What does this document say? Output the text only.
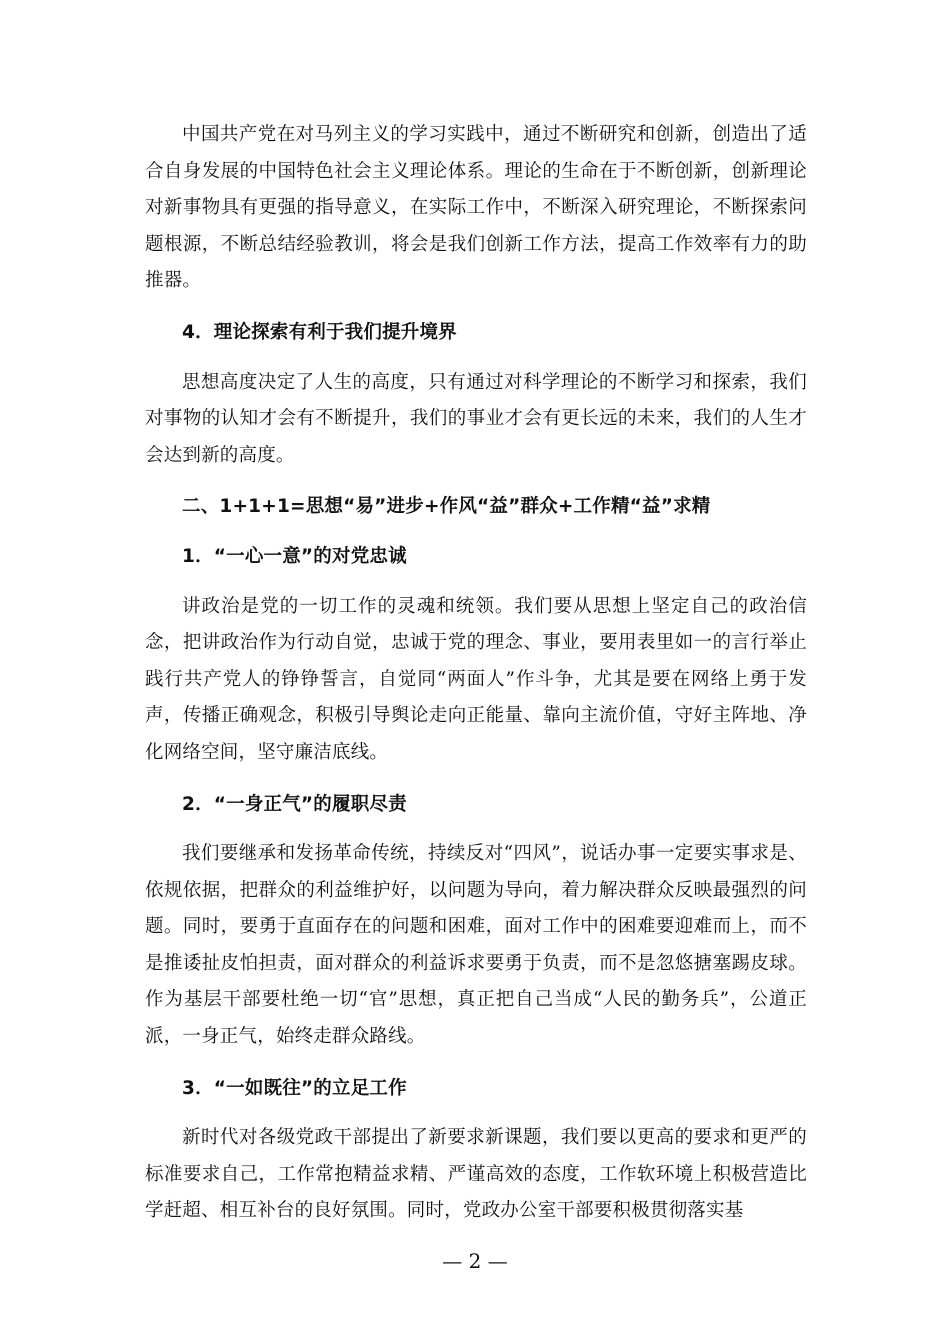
中国共产党在对马列主义的学习实践中，通过不断研究和创新，创造出了适合自身发展的中国特色社会主义理论体系。理论的生命在于不断创新，创新理论对新事物具有更强的指导意义，在实际工作中，不断深入研究理论，不断探索问题根源，不断总结经验教训，将会是我们创新工作方法，提高工作效率有力的助推器。

4．理论探索有利于我们提升境界

思想高度决定了人生的高度，只有通过对科学理论的不断学习和探索，我们对事物的认知才会有不断提升，我们的事业才会有更长远的未来，我们的人生才会达到新的高度。

二、1+1+1=思想“易”进步+作风“益”群众+工作精“益”求精

1．“一心一意”的对党忠诚

讲政治是党的一切工作的灵魂和统领。我们要从思想上坚定自己的政治信念，把讲政治作为行动自觉，忠诚于党的理念、事业，要用表里如一的言行举止践行共产党人的铮铮誓言，自觉同“两面人”作斗争，尤其是要在网络上勇于发声，传播正确观念，积极引导舆论走向正能量、靠向主流价值，守好主阵地、净化网络空间，坚守廉洁底线。

2．“一身正气”的履职尽责

我们要继承和发扬革命传统，持续反对“四风”，说话办事一定要实事求是、依规依据，把群众的利益维护好，以问题为导向，着力解决群众反映最强烈的问题。同时，要勇于直面存在的问题和困难，面对工作中的困难要迎难而上，而不是推诿扯皮怕担责，面对群众的利益诉求要勇于负责，而不是忽悠搪塞踢皮球。作为基层干部要杜绝一切“官”思想，真正把自己当成“人民的勤务兵”，公道正派，一身正气，始终走群众路线。

3．“一如既往”的立足工作

新时代对各级党政干部提出了新要求新课题，我们要以更高的要求和更严的标准要求自己，工作常抱精益求精、严谨高效的态度，工作软环境上积极营造比学赶超、相互补台的良好氛围。同时，党政办公室干部要积极贯彻落实基

— 2 —
